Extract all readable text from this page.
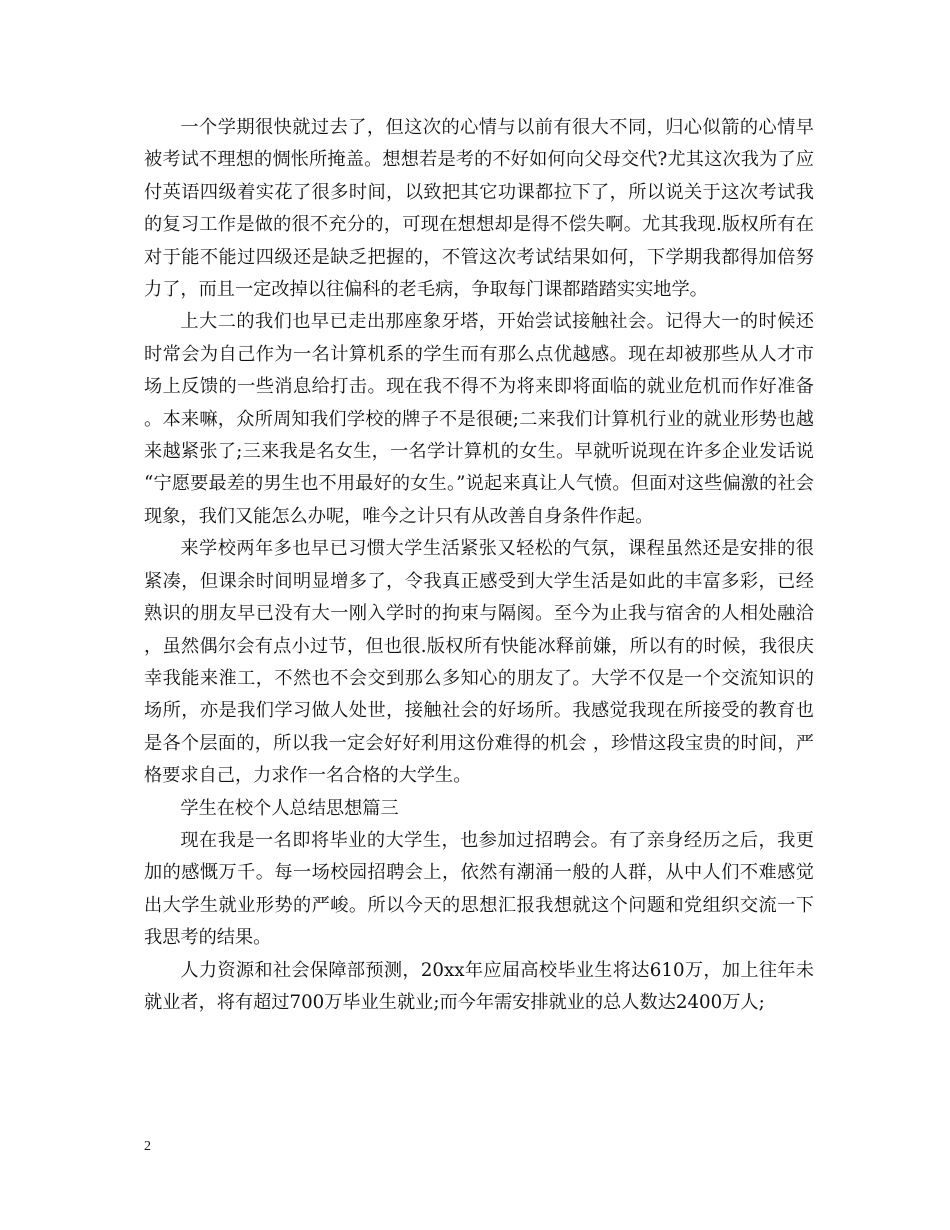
一个学期很快就过去了，但这次的心情与以前有很大不同，归心似箭的心情早被考试不理想的惆怅所掩盖。想想若是考的不好如何向父母交代?尤其这次我为了应付英语四级着实花了很多时间，以致把其它功课都拉下了，所以说关于这次考试我的复习工作是做的很不充分的，可现在想想却是得不偿失啊。尤其我现.版权所有在对于能不能过四级还是缺乏把握的，不管这次考试结果如何，下学期我都得加倍努力了，而且一定改掉以往偏科的老毛病，争取每门课都踏踏实实地学。

上大二的我们也早已走出那座象牙塔，开始尝试接触社会。记得大一的时候还时常会为自己作为一名计算机系的学生而有那么点优越感。现在却被那些从人才市场上反馈的一些消息给打击。现在我不得不为将来即将面临的就业危机而作好准备。本来嘛，众所周知我们学校的牌子不是很硬;二来我们计算机行业的就业形势也越来越紧张了;三来我是名女生，一名学计算机的女生。早就听说现在许多企业发话说“宁愿要最差的男生也不用最好的女生。”说起来真让人气愤。但面对这些偏激的社会现象，我们又能怎么办呢，唯今之计只有从改善自身条件作起。

来学校两年多也早已习惯大学生活紧张又轻松的气氛，课程虽然还是安排的很紧凑，但课余时间明显增多了，令我真正感受到大学生活是如此的丰富多彩，已经熟识的朋友早已没有大一刚入学时的拘束与隔阂。至今为止我与宿舍的人相处融洽，虽然偶尔会有点小过节，但也很.版权所有快能冰释前嫌，所以有的时候，我很庆幸我能来淮工，不然也不会交到那么多知心的朋友了。大学不仅是一个交流知识的场所，亦是我们学习做人处世，接触社会的好场所。我感觉我现在所接受的教育也是各个层面的，所以我一定会好好利用这份难得的机会 ，珍惜这段宝贵的时间，严格要求自己，力求作一名合格的大学生。

学生在校个人总结思想篇三

现在我是一名即将毕业的大学生，也参加过招聘会。有了亲身经历之后，我更加的感慨万千。每一场校园招聘会上，依然有潮涌一般的人群，从中人们不难感觉出大学生就业形势的严峻。所以今天的思想汇报我想就这个问题和党组织交流一下我思考的结果。

人力资源和社会保障部预测，20xx年应届高校毕业生将达610万，加上往年未就业者，将有超过700万毕业生就业;而今年需安排就业的总人数达2400万人;

2
